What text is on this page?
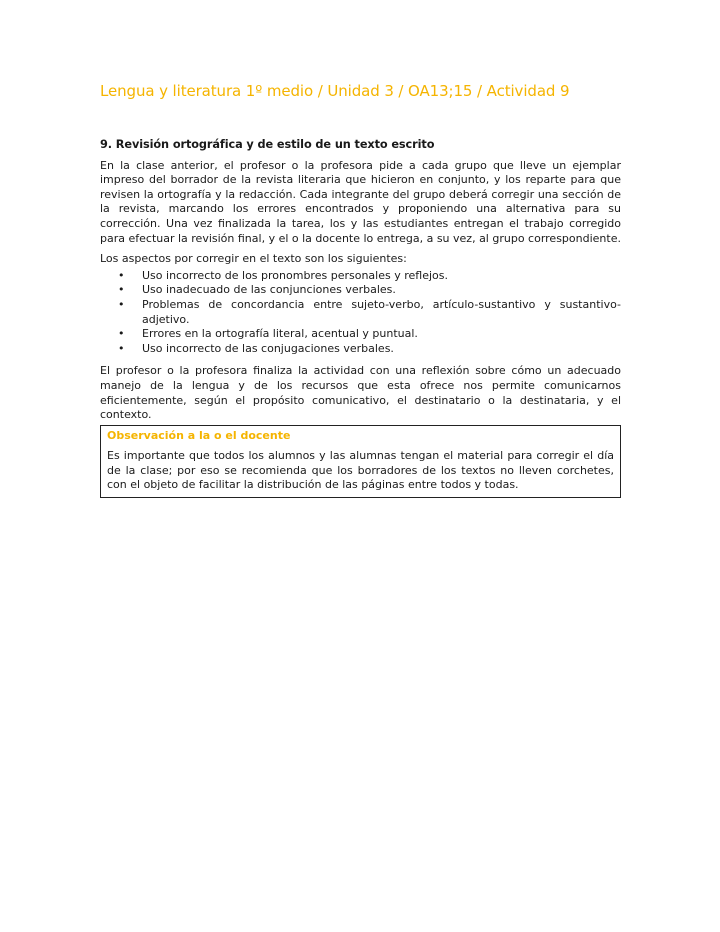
Lengua y literatura 1º medio / Unidad 3 / OA13;15 / Actividad 9

9. Revisión ortográfica y de estilo de un texto escrito

En la clase anterior, el profesor o la profesora pide a cada grupo que lleve un ejemplar impreso del borrador de la revista literaria que hicieron en conjunto, y los reparte para que revisen la ortografía y la redacción. Cada integrante del grupo deberá corregir una sección de la revista, marcando los errores encontrados y proponiendo una alternativa para su corrección. Una vez finalizada la tarea, los y las estudiantes entregan el trabajo corregido para efectuar la revisión final, y el o la docente lo entrega, a su vez, al grupo correspondiente.

Los aspectos por corregir en el texto son los siguientes:

• Uso incorrecto de los pronombres personales y reflejos.
• Uso inadecuado de las conjunciones verbales.
• Problemas de concordancia entre sujeto-verbo, artículo-sustantivo y sustantivo-adjetivo.
• Errores en la ortografía literal, acentual y puntual.
• Uso incorrecto de las conjugaciones verbales.

El profesor o la profesora finaliza la actividad con una reflexión sobre cómo un adecuado manejo de la lengua y de los recursos que esta ofrece nos permite comunicarnos eficientemente, según el propósito comunicativo, el destinatario o la destinataria, y el contexto.

Observación a la o el docente

Es importante que todos los alumnos y las alumnas tengan el material para corregir el día de la clase; por eso se recomienda que los borradores de los textos no lleven corchetes, con el objeto de facilitar la distribución de las páginas entre todos y todas.
